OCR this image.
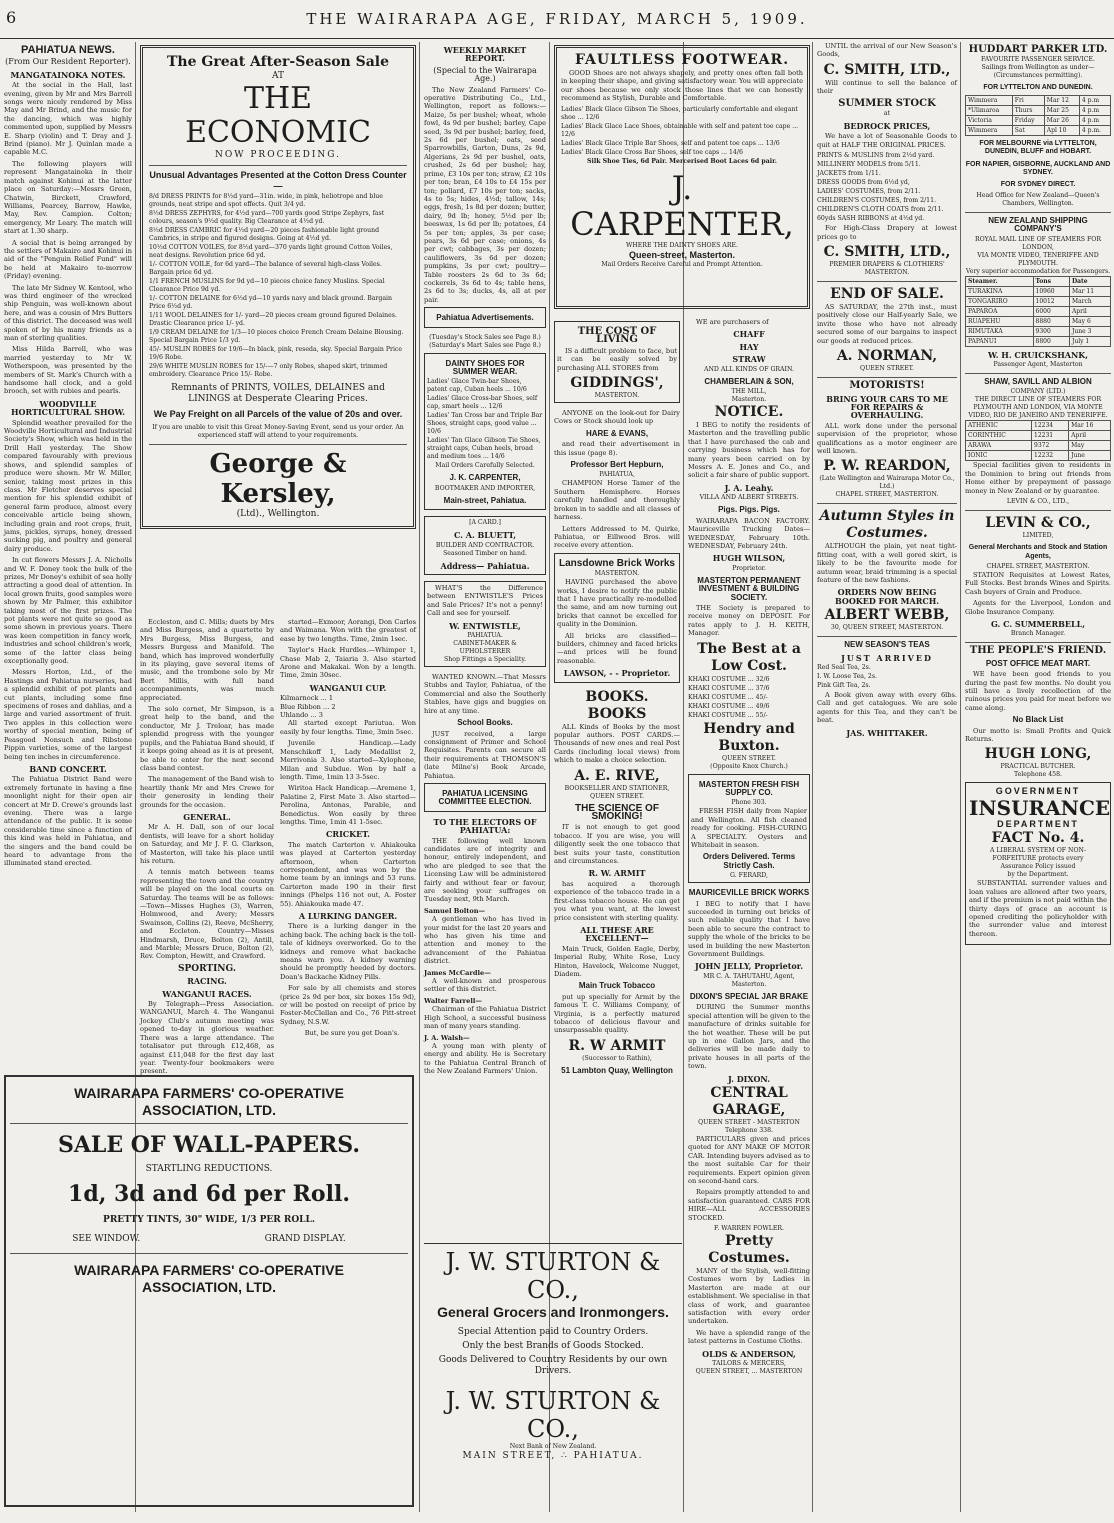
6	THE WAIRARAPA AGE, FRIDAY, MARCH 5, 1909.
PAHIATUA NEWS.
(From Our Resident Reporter).
MANGATAINOKA NOTES.

At the social in the Hall, last evening, given by Mr and Mrs Barrell songs were nicely rendered by Miss May and Mr Brind, and the music for the dancing, which was highly commented upon, supplied by Messrs E. Sharp (violin) and T. Dray and J. Brind (piano). Mr J. Quinlan made a capable M.C.

The following players will represent Mangatainoka in their match against Kohinui at the latter place on Saturday:—Messrs Green, Chatwin, Birckett, Crawford, Williams, Pearcey, Barrow, Hawke, May, Rev. Campion. Colton; emergency, Mr Leary. The match will start at 1.30 sharp.

A social that is being arranged by the settlers of Makairo and Kohinui in aid of the "Penguin Relief Fund" will be held at Makairo to-morrow (Friday) evening.

The late Mr Sidney W. Kentool, who was third engineer of the wrecked ship Penguin, was well-known about here, and was a cousin of Mrs Butters of this district. The deceased was well spoken of by his many friends as a man of sterling qualities.

Miss Hilda Barrell, who was married yesterday to Mr W. Wotherspoon, was presented by the members of St. Mark's Church with a handsome hall clock, and a gold brooch, set with rubies and pearls.

WOODVILLE HORTICULTURAL SHOW.

Splendid weather prevailed for the Woodville Horticultural and Industrial Society's Show, which was held in the Drill Hall yesterday. The Show compared favourably with previous shows, and splendid samples of produce were shown. Mr W. Miller, senior, taking most prizes in this class. Mr Fletcher deserves special mention for his splendid exhibit of general farm produce, almost every conceivable article being shown, including grain and root crops, fruit, jams, pickles, syrups, honey, dressed sucking pig, and poultry and general dairy produce.

In cut flowers Messrs J. A. Nicholls and W. F. Doney took the bulk of the prizes, Mr Doney's exhibit of sea holly attracting a good deal of attention. In local grown fruits, good samples were shown by Mr Palmer, this exhibitor taking most of the first prizes. The pot plants were not quite so good as some shown in previous years. There was keen competition in fancy work, industries and school children's work, some of the latter class being exceptionally good.

Messrs Horton, Ltd., of the Hastings and Pahiatua nurseries, had a splendid exhibit of pot plants and cut plants, including some fine specimens of roses and dahlias, and a large and varied assortment of fruit. Two apples in this collection were worthy of special mention, being of Peasgood Nonsuch and Ribstone Pippin varieties, some of the largest being ten inches in circumference.

BAND CONCERT.

The Pahiatua District Band were extremely fortunate in having a fine moonlight night for their open air concert at Mr D. Crewe's grounds last evening. There was a large attendance of the public. It is some considerable time since a function of this kind was held in Pahiatua, and the singers and the band could be heard to advantage from the illuminated stand erected.

WAIRARAPA FARMERS' CO-OPERATIVE
ASSOCIATION, LTD.
SALE OF WALL-PAPERS.
STARTLING REDUCTIONS.
1d, 3d and 6d per Roll.
PRETTY TINTS, 30" WIDE, 1/3 PER ROLL.
SEE WINDOW.	GRAND DISPLAY.
WAIRARAPA FARMERS' CO-OPERATIVE
ASSOCIATION, LTD.
The Great After-Season Sale
AT
THE ECONOMIC
NOW PROCEEDING.
Unusual Advantages Presented at the Cotton Dress Counter—
8/d DRESS PRINTS for 8½d yard—31in. wide, in pink, heliotrope and blue grounds, neat stripe and spot effects. Quit 3/4 yd.
8½d DRESS ZEPHYRS, for 4½d yard—700 yards good Stripe Zephyrs, fast colours, season's 9½d quality. Big Clearance at 4½d yd.
8½d DRESS CAMBRIC for 4½d yard—20 pieces fashionable light ground Cambrics, in stripe and figured designs. Going at 4½d yd.
10½d COTTON VOILES, for 8½d yard—370 yards light ground Cotton Voiles, neat designs. Revolution price 6d yd.
1/- COTTON VOILE, for 6d yard—The balance of several high-class Voiles. Bargain price 6d yd.
1/1 FRENCH MUSLINS for 9d yd—10 pieces choice fancy Muslins. Special Clearance Price 9d yd.
1/- COTTON DELAINE for 6½d yd—10 yards navy and black ground. Bargain Price 6½d yd.
1/11 WOOL DELAINES for 1/- yard—20 pieces cream ground figured Delaines. Drastic Clearance price 1/- yd.
1/9 CREAM DELAINE for 1/3—10 pieces choice French Cream Delaine Blousing. Special Bargain Price 1/3 yd.
45/- MUSLIN ROBES for 19/6—In black, pink, reseda, sky. Special Bargain Price 19/6 Robe.
29/6 WHITE MUSLIN ROBES for 15/-—7 only Robes, shaped skirt, trimmed embroidery. Clearance Price 15/- Robe.
Remnants of PRINTS, VOILES, DELAINES and LININGS at Desperate Clearing Prices.
We Pay Freight on all Parcels of the value of 20s and over.
If you are unable to visit this Great Money-Saving Event, send us your order. An experienced staff will attend to your requirements.
George & Kersley,
(Ltd)., Wellington.

Eccleston, and C. Mills; duets by Mrs and Miss Burgess, and a quartette by Mrs Burgess, Miss Burgess, and Messrs Burgess and Manifold. The band, which has improved wonderfully in its playing, gave several items of music, and the trombone solo by Mr Bert Millis, with full band accompaniments, was much appreciated.

The solo cornet, Mr Simpson, is a great help to the band, and the conductor, Mr J. Treloar, has made splendid progress with the younger pupils, and the Pahiatua Band should, if it keeps going ahead as it is at present, be able to enter for the next second class band contest.

The management of the Band wish to heartily thank Mr and Mrs Crewe for their generosity in lending their grounds for the occasion.

GENERAL.

Mr A. H. Dall, son of our local dentists, will leave for a short holiday on Saturday, and Mr J. F. G. Clarkson, of Masterton, will take his place until his return.

A tennis match between teams representing the town and the country will be played on the local courts on Saturday. The teams will be as follows:—Town—Misses Hughes (3), Warren, Holmwood, and Avery; Messrs Swainson, Collins (2), Reeve, McSherry, and Eccleton. Country—Misses Hindmarsh, Druce, Bolton (2), Antill, and Marble; Messrs Druce, Bolton (2), Rev. Compton, Hewitt, and Crawford.

SPORTING.
RACING.
WANGANUI RACES.

By Telegraph—Press Association. WANGANUI, March 4. The Wanganui Jockey Club's autumn meeting was opened to-day in glorious weather. There was a large attendance. The totalisator put through £12,468, as against £11,048 for the first day last year. Twenty-four bookmakers were present.

started—Exmoor, Aorangi, Don Carlos and Waimana. Won with the greatest of ease by two lengths. Time, 2min 1sec.

Taylor's Hack Hurdles.—Whimper 1, Chase Mab 2, Taiaria 3. Also started Arone and Makakai. Won by a length. Time, 2min 30sec.

WANGANUI CUP.
Kilmarnock ... 1
Blue Ribbon ... 2
Uhlando ... 3

All started except Pariutua. Won easily by four lengths. Time, 3min 5sec.

Juvenile Handicap.—Lady Menschikoff 1, Lady Medallist 2, Merrivonia 3. Also started—Xylophone, Milan and Subdue. Won by half a length. Time, 1min 13 3-5sec.

Wiritoa Hack Handicap.—Aremene 1, Palatine 2, First Mate 3. Also started—Perolina, Antonas, Parable, and Benedictus. Won easily by three lengths. Time, 1min 41 1-5sec.

CRICKET.

The match Carterton v. Ahiakouka was played at Carterton yesterday afternoon, when Carterton correspondent, and was won by the home team by an innings and 53 runs. Carterton made 190 in their first innings (Phelps 116 not out, A. Foster 55). Ahiakouka made 47.

A LURKING DANGER.

There is a lurking danger in the aching back. The aching back is the toll-tale of kidneys overworked. Go to the kidneys and remove what backache means warn you. A kidney warning should be promptly heeded by doctors. Doan's Backache Kidney Pills.

For sale by all chemists and stores (price 2s 9d per box, six boxes 15s 9d), or will be posted on receipt of price by Foster-McClellan and Co., 76 Pitt-street Sydney, N.S.W.

But, be sure you get Doan's.

J. W. STURTON & CO.,
General Grocers and Ironmongers.
Special Attention paid to Country Orders.
Only the best Brands of Goods Stocked.
Goods Delivered to Country Residents by our own Drivers.
J. W. STURTON & CO.,
Next Bank of New Zealand.
MAIN STREET, ∴ PAHIATUA.
WEEKLY MARKET REPORT.
(Special to the Wairarapa Age.)

The New Zealand Farmers' Co-operative Distributing Co., Ltd., Wellington, report as follows:—Maize, 5s per bushel; wheat, whole fowl, 4s 9d per bushel; barley, Cape seed, 3s 9d per bushel; barley, feed, 2s 6d per bushel; oats, seed Sparrowbills, Garton, Duns, 2s 9d, Algerians, 2s 9d per bushel, oats, crushed, 2s 6d per bushel; hay, prime, £3 10s per ton; straw, £2 10s per ton; bran, £4 10s to £4 15s per ton; pollard, £7 10s per ton; sacks, 4s to 5s; hides, 4½d; tallow, 14s; eggs, fresh, 1s 8d per dozen; butter, dairy, 9d lb; honey, 5½d per lb; beeswax, 1s 6d per lb; potatoes, £4 5s per ton; apples, 3s per case; pears, 3s 6d per case; onions, 4s per cwt; cabbages, 3s per dozen; cauliflowers, 3s 6d per dozen; pumpkins, 3s per cwt; poultry—Table roosters 2s 6d to 3s 6d; cockerels, 3s 6d to 4s; table hens, 2s 6d to 3s; ducks, 4s, all at per pair.

Pahiatua Advertisements.
(Tuesday's Stock Sales see Page 8.) (Saturday's Mart Sales see Page 8.)
DAINTY SHOES FOR SUMMER WEAR.
Ladies' Glace Twin-bar Shoes, patent cap, Cuban heels ... 10/6
Ladies' Glace Cross-bar Shoes, self cap, smart heels ... 12/6
Ladies' Tan Cross bar and Triple Bar Shoes, straight caps, good value ... 10/6
Ladies' Tan Glace Gibson Tie Shoes, straight caps, Cuban heels, broad and medium toes ... 14/6
Mail Orders Carefully Selected.
J. K. CARPENTER,
BOOTMAKER AND IMPORTER,
Main-street, Pahiatua.
[A CARD.]
C. A. BLUETT,
BUILDER AND CONTRACTOR.
Seasoned Timber on hand.
Address— Pahiatua.

WHAT'S the Difference between ENTWISTLE'S Prices and Sale Prices? It's not a penny! Call and see for yourself.

W. ENTWISTLE,
PAHIATUA.
CABINET-MAKER & UPHOLSTERER
Shop Fittings a Speciality.

WANTED KNOWN.—That Messrs Stubbs and Taylor, Pahiatua, of the Commercial and also the Southerly Stables, have gigs and buggies on hire at any time.

School Books.

JUST received, a large consignment of Primer and School Requisites. Parents can secure all their requirements at THOMSON'S (late Milne's) Book Arcade, Pahiatua.

PAHIATUA LICENSING COMMITTEE ELECTION.
TO THE ELECTORS OF PAHIATUA:

THE following well known candidates are of integrity and honour, entirely independent, and who are pledged to see that the Licensing Law will be administered fairly and without fear or favour, are seeking your suffrages on Tuesday next, 9th March.

Samuel Bolton—

A gentleman who has lived in your midst for the last 20 years and who has given his time and attention and money to the advancement of the Pahiatua district.

James McCardle—

A well-known and prosperous settler of this district.

Walter Farrell—

Chairman of the Pahiatua District High School, a successful business man of many years standing.

J. A. Walsh—

A young man with plenty of energy and ability. He is Secretary to the Pahiatua Central Branch of the New Zealand Farmers' Union.

FAULTLESS FOOTWEAR.

GOOD Shoes are not always shapely, and pretty ones often fall both in keeping their shape, and giving satisfactory wear. You will appreciate our shoes because we only stock those lines that we can honestly recommend as Stylish, Durable and Comfortable.

Ladies' Black Glace Gibson Tie Shoes, particularly comfortable and elegant shoe ... 12/6
Ladies' Black Glace Lace Shoes, obtainable with self and patent toe cape ... 12/6
Ladies' Black Glace Triple Bar Shoes, self and patent toe caps ... 13/6
Ladies' Black Glace Cross Bar Shoes, self toe caps ... 14/6
Silk Shoe Ties, 6d Pair. Mercerised Boot Laces 6d pair.
J. CARPENTER,
WHERE THE DAINTY SHOES ARE.
Queen-street, Masterton.
Mail Orders Receive Careful and Prompt Attention.
THE COST OF LIVING

IS a difficult problem to face, but it can be easily solved by purchasing ALL STORES from

GIDDINGS',
MASTERTON.

ANYONE on the look-out for Dairy Cows or Stock should look up

HARE & EVANS,

and read their advertisement in this issue (page 8).

Professor Bert Hepburn,
PAHIATUA,

CHAMPION Horse Tamer of the Southern Hemisphere. Horses carefully handled and thoroughly broken in to saddle and all classes of harness.

Letters Addressed to M. Quirke, Pahiatua, or Eillwood Bros. will receive every attention.

Lansdowne Brick Works
MASTERTON.

HAVING purchased the above works, I desire to notify the public that I have practically re-modelled the same, and am now turning out bricks that cannot be excelled for quality in the Dominion.

All bricks are classified—builders, chimney and faced bricks—and prices will be found reasonable.

LAWSON, - - Proprietor.
BOOKS. BOOKS

ALL Kinds of Books by the most popular authors. POST CARDS.—Thousands of new ones and real Post Cards (including local views) from which to make a choice selection.

A. E. RIVE,
BOOKSELLER AND STATIONER,
QUEEN STREET.
THE SCIENCE OF SMOKING!

IT is not enough to get good tobacco. If you are wise, you will diligently seek the one tobacco that best suits your taste, constitution and circumstances.

R. W. ARMIT

has acquired a thorough experience of the tobacco trade in a first-class tobacco house. He can get you what you want, at the lowest price consistent with sterling quality.

ALL THESE ARE EXCELLENT—

Main Truck, Golden Eagle, Derby, Imperial Ruby, White Rose, Lucy Hinton, Havelock, Welcome Nugget, Diadem.

Main Truck Tobacco

put up specially for Armit by the famous T. C. Williams Company, of Virginia, is a perfectly matured tobacco of delicious flavour and unsurpassable quality.

R. W ARMIT
(Successor to Rathin),
51 Lambton Quay, Wellington

WE are purchasers of

CHAFF
HAY
STRAW
AND ALL KINDS OF GRAIN.
CHAMBERLAIN & SON,
THE MILL,
Masterton.
NOTICE.

I BEG to notify the residents of Masterton and the travelling public that I have purchased the cab and carrying business which has for many years been carried on by Messrs A. E. Jones and Co., and solicit a fair share of public support.

J. A. Leahy.
VILLA AND ALBERT STREETS.
Pigs. Pigs. Pigs.

WAIRARAPA BACON FACTORY. Mauriceville Trucking Dates— WEDNESDAY, February 10th. WEDNESDAY, February 24th.

HUGH WILSON,
Proprietor.
MASTERTON PERMANENT INVESTMENT & BUILDING SOCIETY.

THE Society is prepared to receive money on DEPOSIT. For rates apply to J. H. KEITH, Manager.

The Best at a Low Cost.
KHAKI COSTUME ... 32/6
KHAKI COSTUME ... 37/6
KHAKI COSTUME ... 45/-
KHAKI COSTUME ... 49/6
KHAKI COSTUME ... 55/-
Hendry and Buxton.
QUEEN STREET.
(Opposite Knox Church.)
MASTERTON FRESH FISH SUPPLY CO.
Phone 303.

FRESH FISH daily from Napier and Wellington. All fish cleaned ready for cooking. FISH-CURING A SPECIALTY. Oysters and Whitebait in season.

Orders Delivered. Terms Strictly Cash.
G. FERARD,
MAURICEVILLE BRICK WORKS

I BEG to notify that I have succeeded in turning out bricks of such reliable quality that I have been able to secure the contract to supply the whole of the bricks to be used in building the new Masterton Government Buildings.

JOHN JELLY, Proprietor.
MR C. A. TAHUTAHU, Agent, Masterton.
DIXON'S SPECIAL JAR BRAKE

DURING the Summer months special attention will be given to the manufacture of drinks suitable for the hot weather. These will be put up in one Gallon Jars, and the deliveries will be made daily to private houses in all parts of the town.

J. DIXON.
CENTRAL GARAGE,
QUEEN STREET - MASTERTON
Telephone 338.

PARTICULARS given and prices quoted for ANY MAKE OF MOTOR CAR. Intending buyers advised as to the most suitable Car for their requirements. Expert opinion given on second-hand cars.

Repairs promptly attended to and satisfaction guaranteed. CARS FOR HIRE—ALL ACCESSORIES STOCKED.

F. WARREN FOWLER.
Pretty Costumes.

MANY of the Stylish, well-fitting Costumes worn by Ladies in Masterton are made at our establishment. We specialise in that class of work, and guarantee satisfaction with every order undertaken.

We have a splendid range of the latest patterns in Costume Cloths.

OLDS & ANDERSON,
TAILORS & MERCERS,
QUEEN STREET, ... MASTERTON

UNTIL the arrival of our New Season's Goods,

C. SMITH, LTD.,

Will continue to sell the balance of their

SUMMER STOCK
at
BEDROCK PRICES,

We have a lot of Seasonable Goods to quit at HALF THE ORIGINAL PRICES.

PRINTS & MUSLINS from 2½d yard.
MILLINERY MODELS from 5/11.
JACKETS from 1/11.
DRESS GOODS from 6½d yd,
LADIES' COSTUMES, from 2/11.
CHILDREN'S COSTUMES, from 2/11.
CHILDREN'S CLOTH COATS from 2/11.
60yds SASH RIBBONS at 4½d yd.

For High-Class Drapery at lowest prices go to

C. SMITH, LTD.,
PREMIER DRAPERS & CLOTHIERS'
MASTERTON.
END OF SALE.

AS SATURDAY, the 27th inst., must positively close our Half-yearly Sale, we invite those who have not already secured some of our bargains to inspect our goods at reduced prices.

A. NORMAN,
QUEEN STREET.
MOTORISTS!
BRING YOUR CARS TO ME FOR REPAIRS & OVERHAULING.

ALL work done under the personal supervision of the proprietor, whose qualifications as a motor engineer are well known.

P. W. REARDON,
(Late Wellington and Wairarapa Motor Co., Ltd.)
CHAPEL STREET, MASTERTON.
Autumn Styles in Costumes.

ALTHOUGH the plain, yet neat tight-fitting coat, with a well gored skirt, is likely to be the favourite mode for autumn wear, braid trimming is a special feature of the new fashions.

ORDERS NOW BEING BOOKED FOR MARCH.
ALBERT WEBB,
30, QUEEN STREET, MASTERTON.
NEW SEASON'S TEAS
JUST ARRIVED
Red Seal Tea, 2s.
I. W. Loose Tea, 2s.
Pink Gift Tea, 2s.

A Book given away with every 6lbs. Call and get catalogues. We are sole agents for this Tea, and they can't be beat.

JAS. WHITTAKER.
HUDDART PARKER LTD.
FAVOURITE PASSENGER SERVICE.
Sailings from Wellington as under—(Circumstances permitting).
FOR LYTTELTON AND DUNEDIN.
Wimmera	Fri	Mar 12	4 p.m
*Ulimaroa	Thurs	Mar 25	4 p.m
Victoria	Friday	Mar 26	4 p.m
Wimmera	Sat	Apl 10	4 p.m.
FOR MELBOURNE via LYTTELTON, DUNEDIN, BLUFF and HOBART.
FOR NAPIER, GISBORNE, AUCKLAND AND SYDNEY.
FOR SYDNEY DIRECT.
Head Office for New Zealand—Queen's Chambers, Wellington.
NEW ZEALAND SHIPPING COMPANY'S
ROYAL MAIL LINE OF STEAMERS FOR LONDON,
VIA MONTE VIDEO, TENERIFFE AND PLYMOUTH.
Very superior accommodation for Passengers.
Steamer.	Tons	Date
TURAKINA	10960	Mar 11
TONGARIRO	10012	March
PAPAROA	6000	April
RUAPEHU	8880	May 6
RIMUTAKA	9300	June 3
PAPANUI	8800	July 1
W. H. CRUICKSHANK,
Passenger Agent, Masterton
SHAW, SAVILL AND ALBION
COMPANY (LTD.)
THE DIRECT LINE OF STEAMERS FOR PLYMOUTH AND LONDON, VIA MONTE VIDEO, RIO DE JANEIRO AND TENERIFFE.
ATHENIC	12234	Mar 16
CORINTHIC	12231	April
ARAWA	9372	May
IONIC	12232	June

Special facilities given to residents in the Dominion to bring out friends from Home either by prepayment of passage money in New Zealand or by guarantee.

LEVIN & CO., LTD.,
LEVIN & CO.,
LIMITED,
General Merchants and Stock and Station Agents,
CHAPEL STREET, MASTERTON.

STATION Requisites at Lowest Rates, Full Stocks. Best brands Wines and Spirits. Cash buyers of Grain and Produce.

Agents for the Liverpool, London and Globe Insurance Company.

G. C. SUMMERBELL,
Branch Manager.
THE PEOPLE'S FRIEND.
POST OFFICE MEAT MART.

WE have been good friends to you during the past few months. No doubt you still have a lively recollection of the ruinous prices you paid for meat before we came along.

No Black List

Our motto is: Small Profits and Quick Returns.

HUGH LONG,
PRACTICAL BUTCHER.
Telephone 458.
GOVERNMENT
INSURANCE
DEPARTMENT
FACT No. 4.
A LIBERAL SYSTEM OF NON-
FORFEITURE protects every
Assurance Policy issued
by the Department.

SUBSTANTIAL surrender values and loan values are allowed after two years, and if the premium is not paid within the thirty days of grace an account is opened crediting the policyholder with the surrender value and interest thereon.
